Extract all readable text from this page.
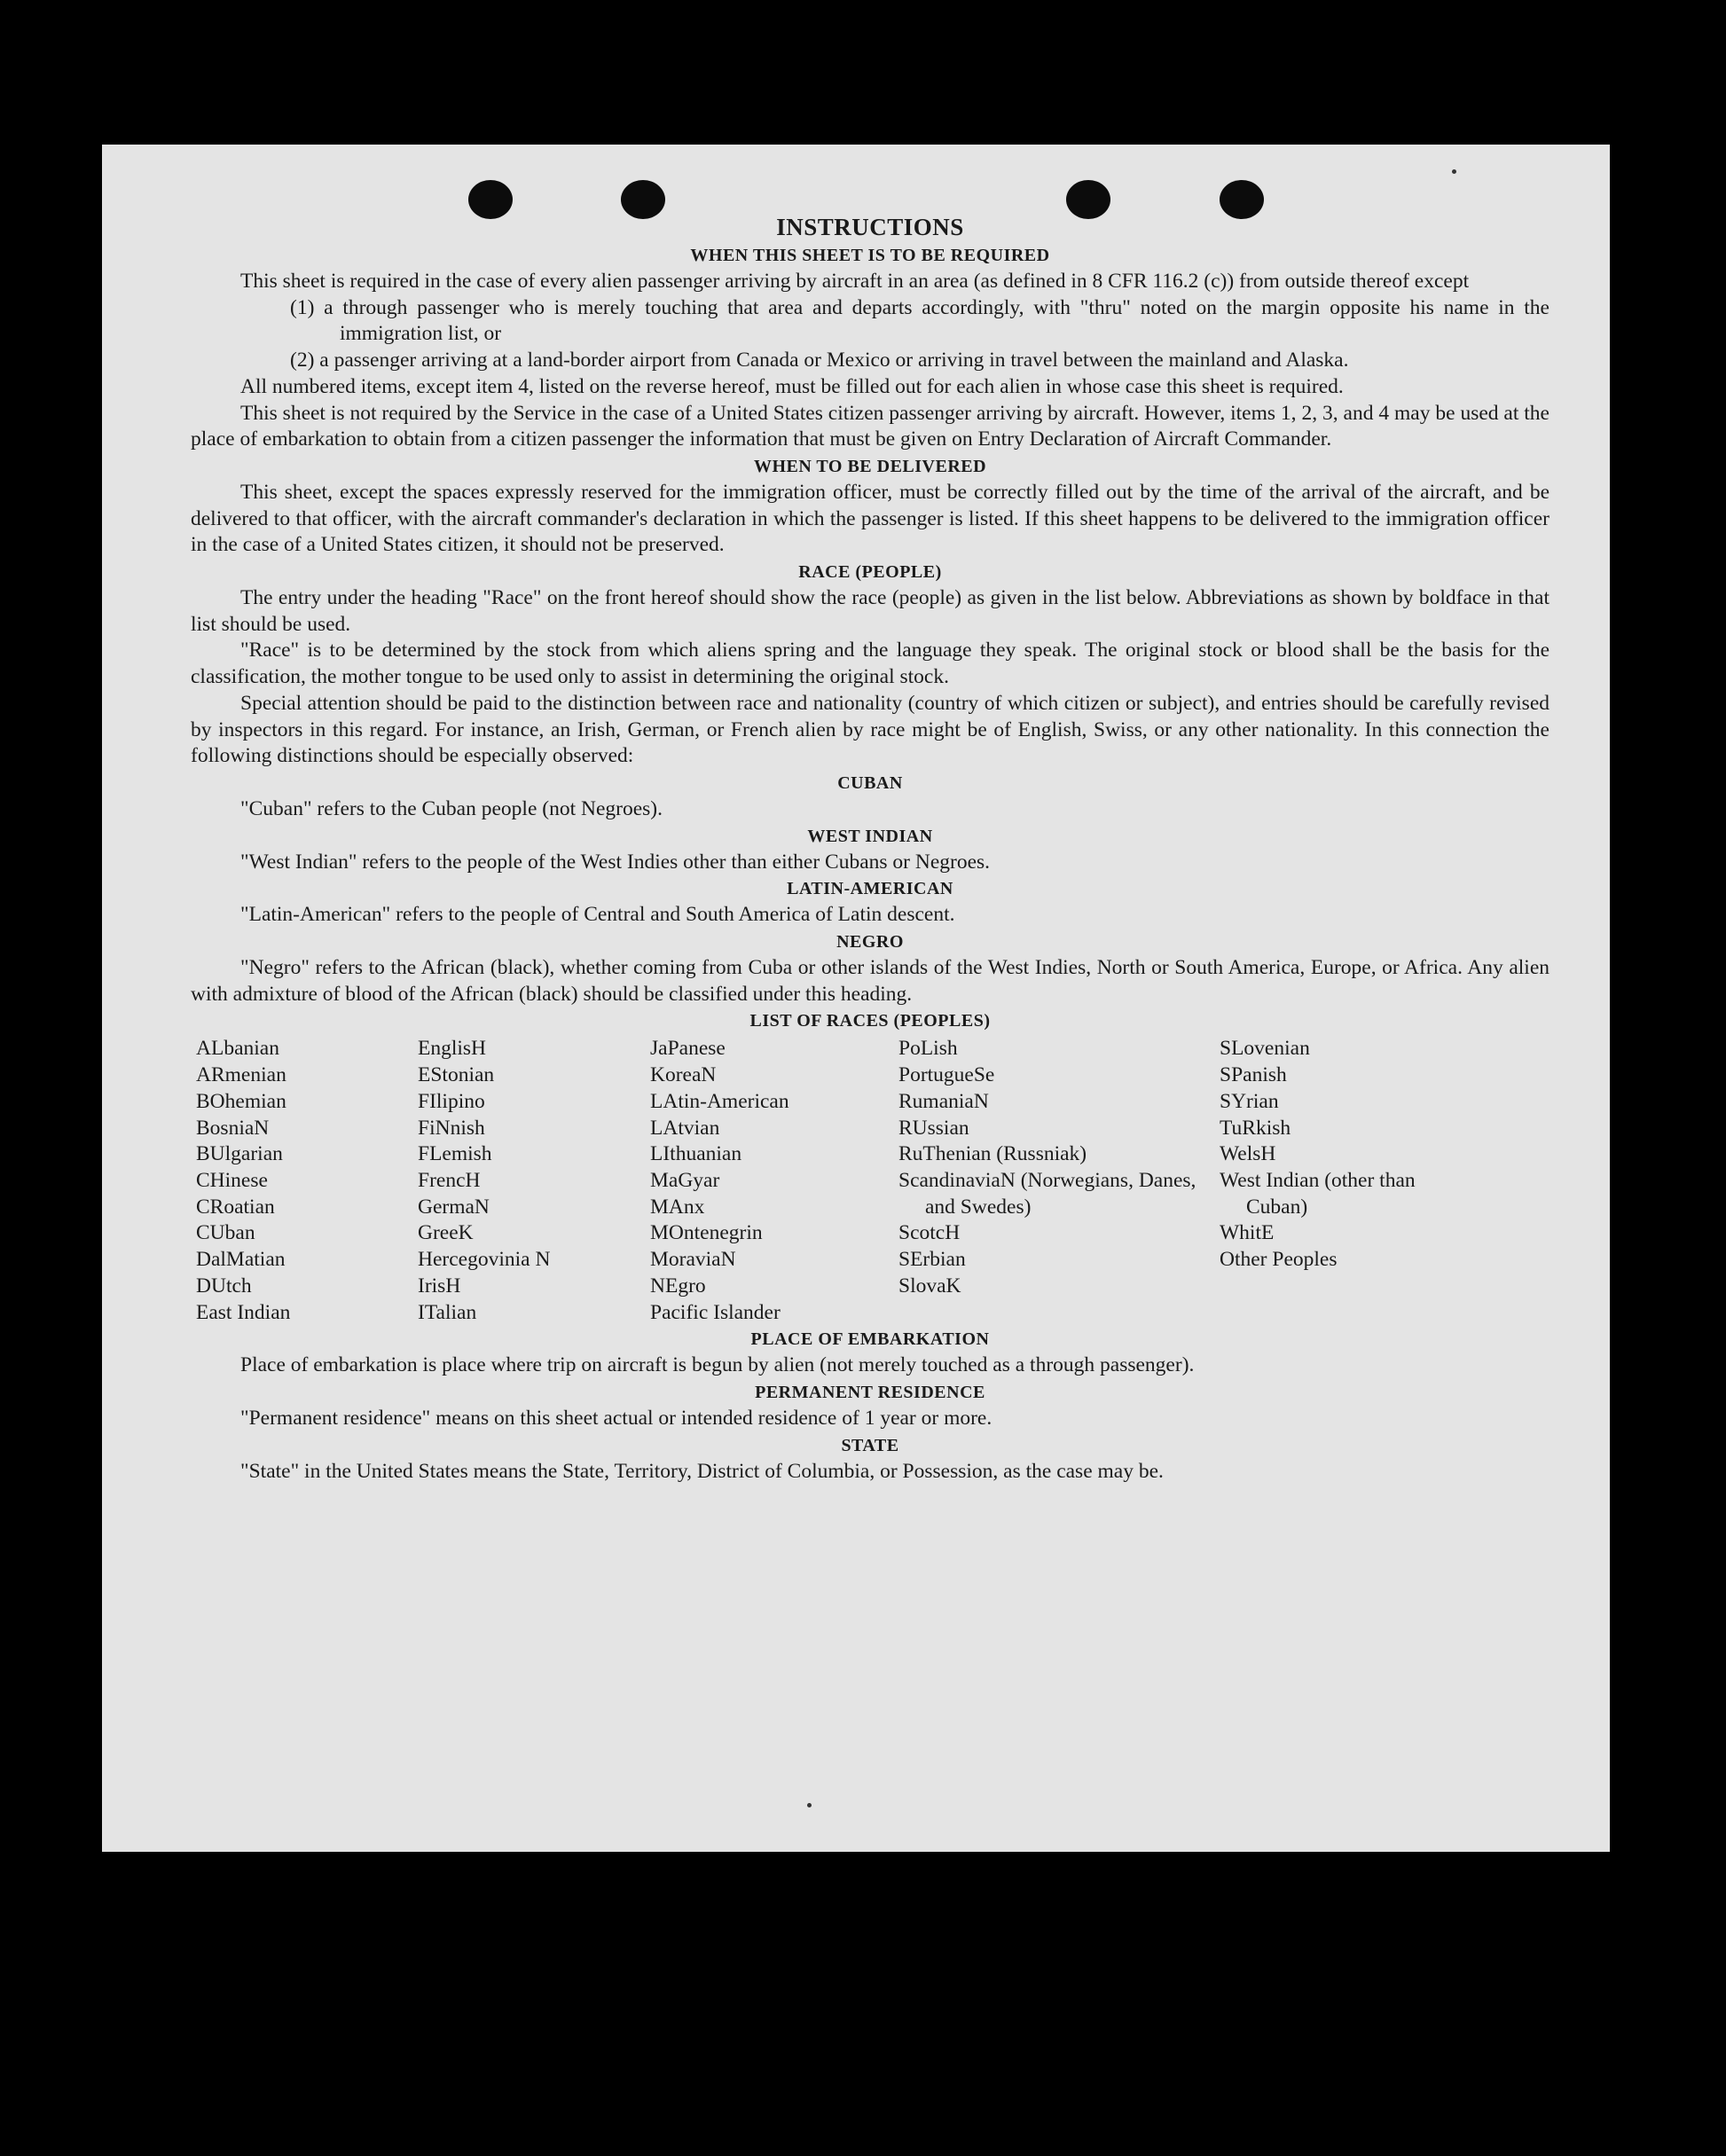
INSTRUCTIONS
WHEN THIS SHEET IS TO BE REQUIRED

This sheet is required in the case of every alien passenger arriving by aircraft in an area (as defined in 8 CFR 116.2 (c)) from outside thereof except

(1) a through passenger who is merely touching that area and departs accordingly, with "thru" noted on the margin opposite his name in the immigration list, or

(2) a passenger arriving at a land-border airport from Canada or Mexico or arriving in travel between the mainland and Alaska.

All numbered items, except item 4, listed on the reverse hereof, must be filled out for each alien in whose case this sheet is required.

This sheet is not required by the Service in the case of a United States citizen passenger arriving by aircraft. However, items 1, 2, 3, and 4 may be used at the place of embarkation to obtain from a citizen passenger the information that must be given on Entry Declaration of Aircraft Commander.

WHEN TO BE DELIVERED

This sheet, except the spaces expressly reserved for the immigration officer, must be correctly filled out by the time of the arrival of the aircraft, and be delivered to that officer, with the aircraft commander's declaration in which the passenger is listed. If this sheet happens to be delivered to the immigration officer in the case of a United States citizen, it should not be preserved.

RACE (PEOPLE)

The entry under the heading "Race" on the front hereof should show the race (people) as given in the list below. Abbreviations as shown by boldface in that list should be used.

"Race" is to be determined by the stock from which aliens spring and the language they speak. The original stock or blood shall be the basis for the classification, the mother tongue to be used only to assist in determining the original stock.

Special attention should be paid to the distinction between race and nationality (country of which citizen or subject), and entries should be carefully revised by inspectors in this regard. For instance, an Irish, German, or French alien by race might be of English, Swiss, or any other nationality. In this connection the following distinctions should be especially observed:

CUBAN

"Cuban" refers to the Cuban people (not Negroes).

WEST INDIAN

"West Indian" refers to the people of the West Indies other than either Cubans or Negroes.

LATIN-AMERICAN

"Latin-American" refers to the people of Central and South America of Latin descent.

NEGRO

"Negro" refers to the African (black), whether coming from Cuba or other islands of the West Indies, North or South America, Europe, or Africa. Any alien with admixture of blood of the African (black) should be classified under this heading.

LIST OF RACES (PEOPLES)
ALbanian
ARmenian
BOhemian
BosniaN
BUlgarian
CHinese
CRoatian
CUban
DalMatian
DUtch
East Indian
EnglisH
EStonian
FIlipino
FiNnish
FLemish
FrencH
GermaN
GreeK
Hercegovinia N
IrisH
ITalian
JaPanese
KoreaN
LAtin-American
LAtvian
LIthuanian
MaGyar
MAnx
MOntenegrin
MoraviaN
NEgro
Pacific Islander
PoLish
PortugueSe
RumaniaN
RUssian
RuThenian (Russniak)
ScandinaviaN (Norwegians, Danes, and Swedes)
ScotcH
SErbian
SlovaK
SLovenian
SPanish
SYrian
TuRkish
WelsH
West Indian (other than Cuban)
WhitE
Other Peoples
PLACE OF EMBARKATION

Place of embarkation is place where trip on aircraft is begun by alien (not merely touched as a through passenger).

PERMANENT RESIDENCE

"Permanent residence" means on this sheet actual or intended residence of 1 year or more.

STATE

"State" in the United States means the State, Territory, District of Columbia, or Possession, as the case may be.
